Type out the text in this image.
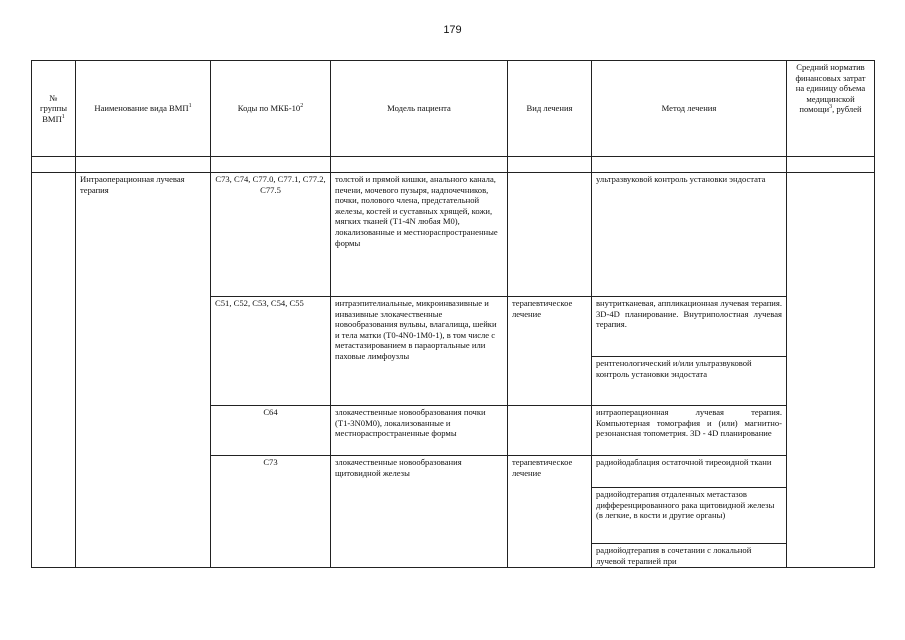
179
№ группы ВМП$^1$	Наименование вида ВМП$^1$	Коды по МКБ-$10^2$	Модель пациента	Вид лечения	Метод лечения	Средний норматив финансовых затрат на единицу объема медицинской помощи$^3$, рублей

	Интраоперационная лучевая терапия	C73, C74, C77.0, C77.1, C77.2, C77.5	толстой и прямой кишки, анального канала, печени, мочевого пузыря, надпочечников, почки, полового члена, предстательной железы, костей и суставных хрящей, кожи, мягких тканей (T1-4N любая M0), локализованные и местнораспространенные формы		ультразвуковой контроль установки эндостата	
		C51, C52, C53, C54, C55	интраэпителиальные, микроинвазивные и инвазивные злокачественные новообразования вульвы, влагалища, шейки и тела матки (T0-4N0-1M0-1), в том числе с метастазированием в параортальные или паховые лимфоузлы	терапевтическое лечение	внутритканевая, аппликационная лучевая терапия. 3D-4D планирование. Внутриполостная лучевая терапия.	
					рентгенологический и/или ультразвуковой контроль установки эндостата	
		C64	злокачественные новообразования почки (T1-3N0M0), локализованные и местнораспространенные формы		интраоперационная лучевая терапия. Компьютерная томография и (или) магнитно-резонансная топометрия. 3D - 4D планирование	
		C73	злокачественные новообразования щитовидной железы	терапевтическое лечение	радиойодаблация остаточной тиреоидной ткани	
					радиойодтерапия отдаленных метастазов дифференцированного рака щитовидной железы (в легкие, в кости и другие органы)	
					радиойодтерапия в сочетании с локальной лучевой терапией при	
